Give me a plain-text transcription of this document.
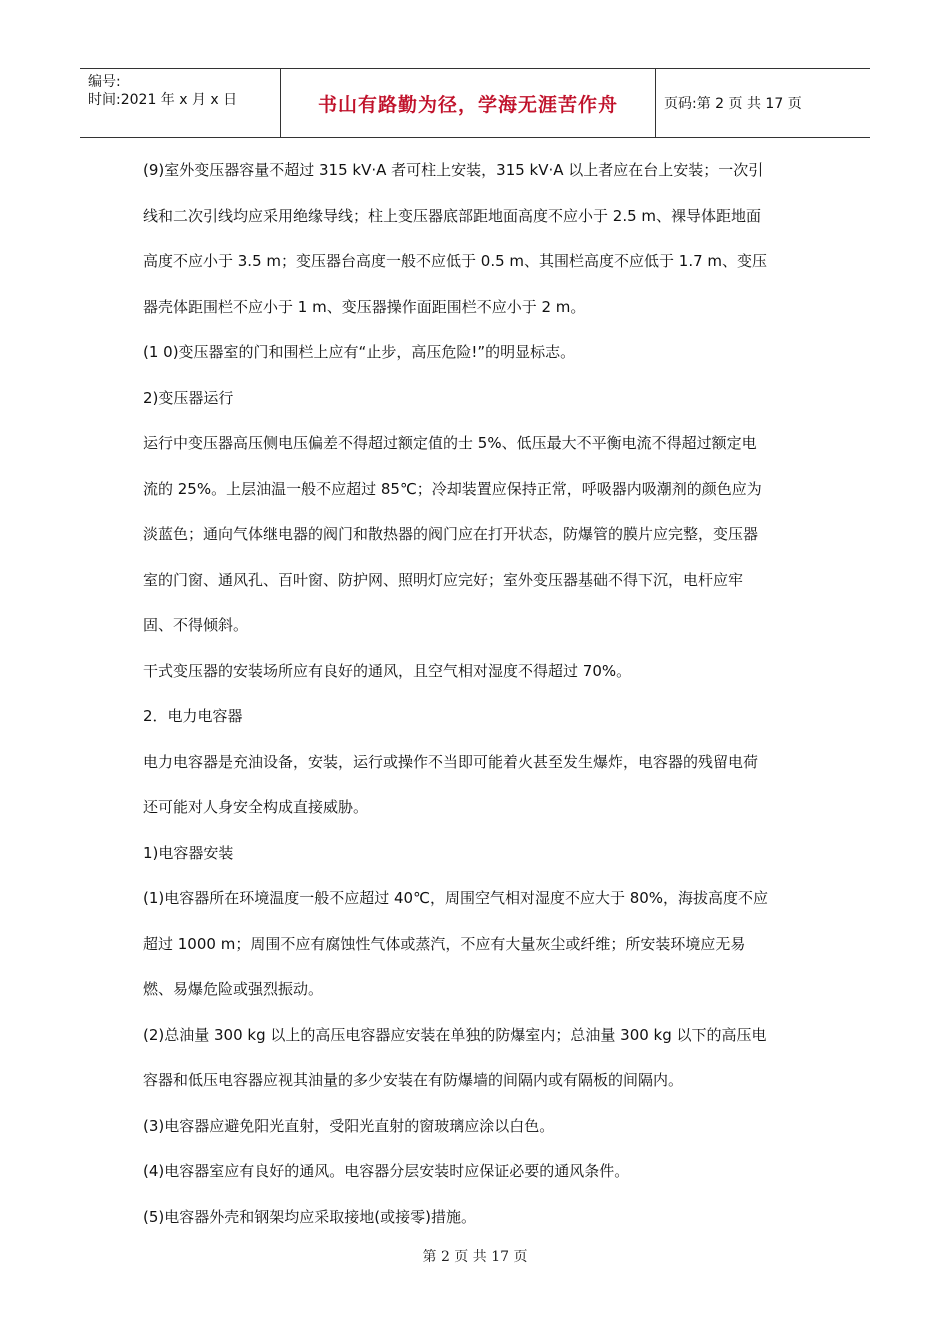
编号:
时间:2021 年 x 月 x 日	书山有路勤为径，学海无涯苦作舟	页码:第 2 页 共 17 页

(9)室外变压器容量不超过 315 kV·A 者可柱上安装，315 kV·A 以上者应在台上安装；一次引

线和二次引线均应采用绝缘导线；柱上变压器底部距地面高度不应小于 2.5 m、裸导体距地面

高度不应小于 3.5 m；变压器台高度一般不应低于 0.5 m、其围栏高度不应低于 1.7 m、变压

器壳体距围栏不应小于 1 m、变压器操作面距围栏不应小于 2 m。

(1 0)变压器室的门和围栏上应有“止步，高压危险!”的明显标志。

2)变压器运行

运行中变压器高压侧电压偏差不得超过额定值的士 5%、低压最大不平衡电流不得超过额定电

流的 25%。上层油温一般不应超过 85℃；冷却装置应保持正常，呼吸器内吸潮剂的颜色应为

淡蓝色；通向气体继电器的阀门和散热器的阀门应在打开状态，防爆管的膜片应完整，变压器

室的门窗、通风孔、百叶窗、防护网、照明灯应完好；室外变压器基础不得下沉，电杆应牢

固、不得倾斜。

干式变压器的安装场所应有良好的通风，且空气相对湿度不得超过 70%。

2．电力电容器

电力电容器是充油设备，安装，运行或操作不当即可能着火甚至发生爆炸，电容器的残留电荷

还可能对人身安全构成直接威胁。

1)电容器安装

(1)电容器所在环境温度一般不应超过 40℃，周围空气相对湿度不应大于 80%，海拔高度不应

超过 1000 m；周围不应有腐蚀性气体或蒸汽，不应有大量灰尘或纤维；所安装环境应无易

燃、易爆危险或强烈振动。

(2)总油量 300 kg 以上的高压电容器应安装在单独的防爆室内；总油量 300 kg 以下的高压电

容器和低压电容器应视其油量的多少安装在有防爆墙的间隔内或有隔板的间隔内。

(3)电容器应避免阳光直射，受阳光直射的窗玻璃应涂以白色。

(4)电容器室应有良好的通风。电容器分层安装时应保证必要的通风条件。

(5)电容器外壳和钢架均应采取接地(或接零)措施。

第 2 页 共 17 页
